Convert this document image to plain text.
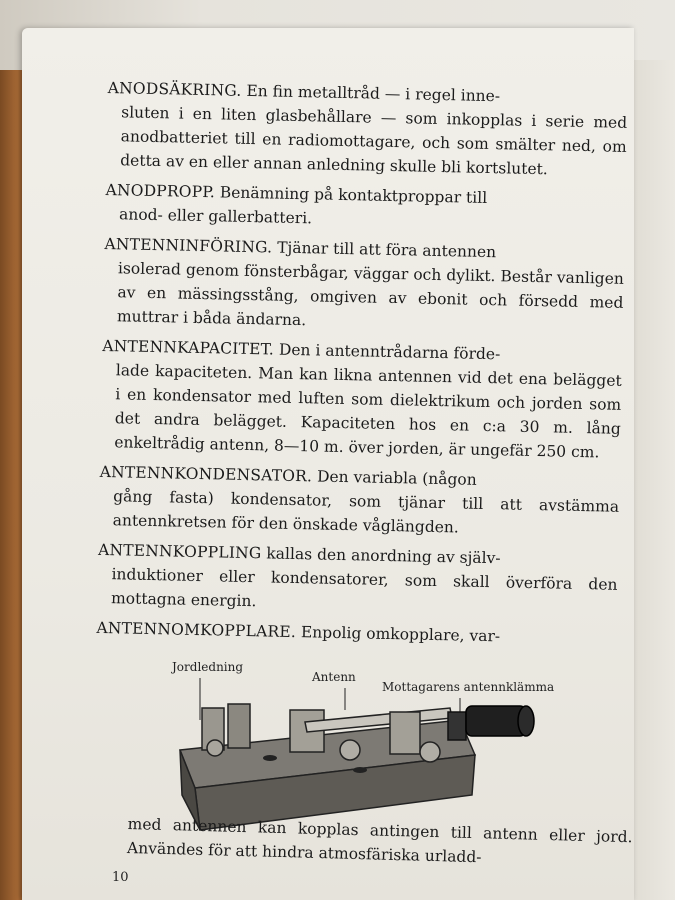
ANODSÄKRING. En fin metalltråd — i regel inne-
sluten i en liten glasbehållare — som inkopplas i serie med anodbatteriet till en radiomottagare, och som smälter ned, om detta av en eller annan anledning skulle bli kortslutet.

ANODPROPP. Benämning på kontaktproppar till
anod- eller gallerbatteri.

ANTENNINFÖRING. Tjänar till att föra antennen
isolerad genom fönsterbågar, väggar och dylikt. Består vanligen av en mässingsstång, omgiven av ebonit och försedd med muttrar i båda ändarna.

ANTENNKAPACITET. Den i antenntrådarna förde-
lade kapaciteten. Man kan likna antennen vid det ena belägget i en kondensator med luften som dielektrikum och jorden som det andra belägget. Kapaciteten hos en c:a 30 m. lång enkeltrådig antenn, 8—10 m. över jorden, är ungefär 250 cm.

ANTENNKONDENSATOR. Den variabla (någon
gång fasta) kondensator, som tjänar till att avstämma antennkretsen för den önskade våglängden.

ANTENNKOPPLING kallas den anordning av själv-
induktioner eller kondensatorer, som skall överföra den mottagna energin.

ANTENNOMKOPPLARE. Enpolig omkopplare, var-

Jordledning
Antenn
Mottagarens antennklämma
med antennen kan kopplas antingen till antenn eller jord. Användes för att hindra atmosfäriska urladd-
10
